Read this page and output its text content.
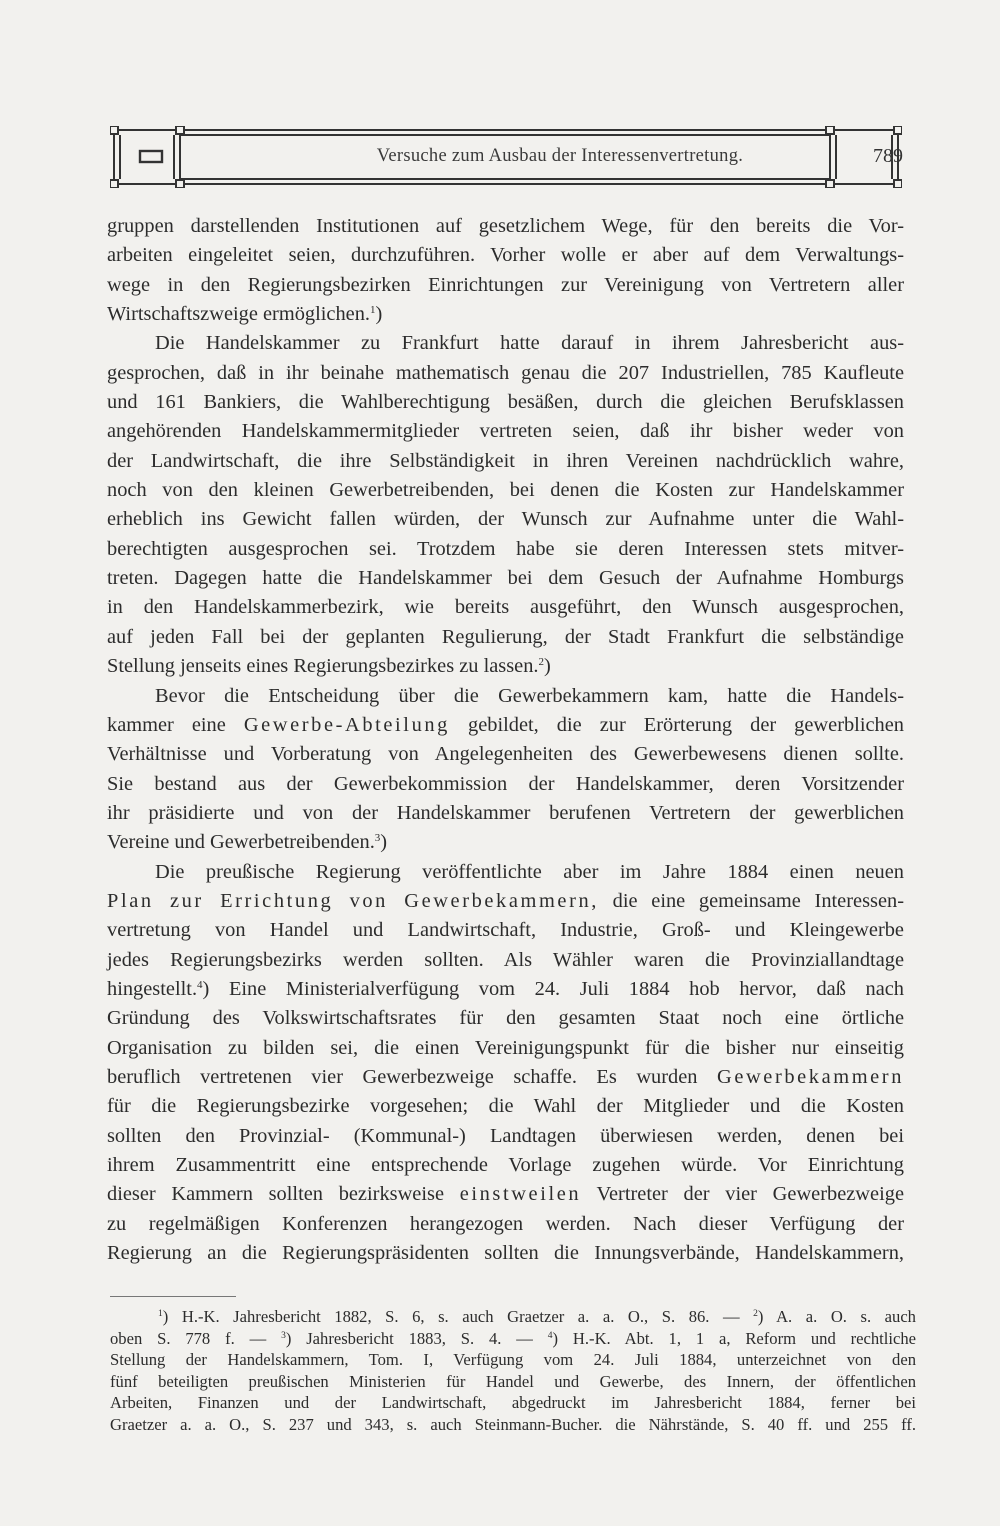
Versuche zum Ausbau der Interessenvertretung.	789
gruppen darstellenden Institutionen auf gesetzlichem Wege, für den bereits die Vor-
arbeiten eingeleitet seien, durchzuführen. Vorher wolle er aber auf dem Verwaltungs-
wege in den Regierungsbezirken Einrichtungen zur Vereinigung von Vertretern aller
Wirtschaftszweige ermöglichen.$^1$)
Die Handelskammer zu Frankfurt hatte darauf in ihrem Jahresbericht aus-
gesprochen, daß in ihr beinahe mathematisch genau die 207 Industriellen, 785 Kaufleute
und 161 Bankiers, die Wahlberechtigung besäßen, durch die gleichen Berufsklassen
angehörenden Handelskammermitglieder vertreten seien, daß ihr bisher weder von
der Landwirtschaft, die ihre Selbständigkeit in ihren Vereinen nachdrücklich wahre,
noch von den kleinen Gewerbetreibenden, bei denen die Kosten zur Handelskammer
erheblich ins Gewicht fallen würden, der Wunsch zur Aufnahme unter die Wahl-
berechtigten ausgesprochen sei. Trotzdem habe sie deren Interessen stets mitver-
treten. Dagegen hatte die Handelskammer bei dem Gesuch der Aufnahme Homburgs
in den Handelskammerbezirk, wie bereits ausgeführt, den Wunsch ausgesprochen,
auf jeden Fall bei der geplanten Regulierung, der Stadt Frankfurt die selbständige
Stellung jenseits eines Regierungsbezirkes zu lassen.$^2$)
Bevor die Entscheidung über die Gewerbekammern kam, hatte die Handels-
kammer eine Gewerbe-Abteilung gebildet, die zur Erörterung der gewerblichen
Verhältnisse und Vorberatung von Angelegenheiten des Gewerbewesens dienen sollte.
Sie bestand aus der Gewerbekommission der Handelskammer, deren Vorsitzender
ihr präsidierte und von der Handelskammer berufenen Vertretern der gewerblichen
Vereine und Gewerbetreibenden.$^3$)
Die preußische Regierung veröffentlichte aber im Jahre 1884 einen neuen
Plan zur Errichtung von Gewerbekammern, die eine gemeinsame Interessen-
vertretung von Handel und Landwirtschaft, Industrie, Groß- und Kleingewerbe
jedes Regierungsbezirks werden sollten. Als Wähler waren die Provinziallandtage
hingestellt.$^4$) Eine Ministerialverfügung vom 24. Juli 1884 hob hervor, daß nach
Gründung des Volkswirtschaftsrates für den gesamten Staat noch eine örtliche
Organisation zu bilden sei, die einen Vereinigungspunkt für die bisher nur einseitig
beruflich vertretenen vier Gewerbezweige schaffe. Es wurden Gewerbekammern
für die Regierungsbezirke vorgesehen; die Wahl der Mitglieder und die Kosten
sollten den Provinzial- (Kommunal-) Landtagen überwiesen werden, denen bei
ihrem Zusammentritt eine entsprechende Vorlage zugehen würde. Vor Einrichtung
dieser Kammern sollten bezirksweise einstweilen Vertreter der vier Gewerbezweige
zu regelmäßigen Konferenzen herangezogen werden. Nach dieser Verfügung der
Regierung an die Regierungspräsidenten sollten die Innungsverbände, Handelskammern,
$^1$) H.-K. Jahresbericht 1882, S. 6, s. auch Graetzer a. a. O., S. 86. — $^2$) A. a. O. s. auch
oben S. 778 f. — $^3$) Jahresbericht 1883, S. 4. — $^4$) H.-K. Abt. 1, 1 a, Reform und rechtliche
Stellung der Handelskammern, Tom. I, Verfügung vom 24. Juli 1884, unterzeichnet von den
fünf beteiligten preußischen Ministerien für Handel und Gewerbe, des Innern, der öffentlichen
Arbeiten, Finanzen und der Landwirtschaft, abgedruckt im Jahresbericht 1884, ferner bei
Graetzer a. a. O., S. 237 und 343, s. auch Steinmann-Bucher. die Nährstände, S. 40 ff. und 255 ff.
